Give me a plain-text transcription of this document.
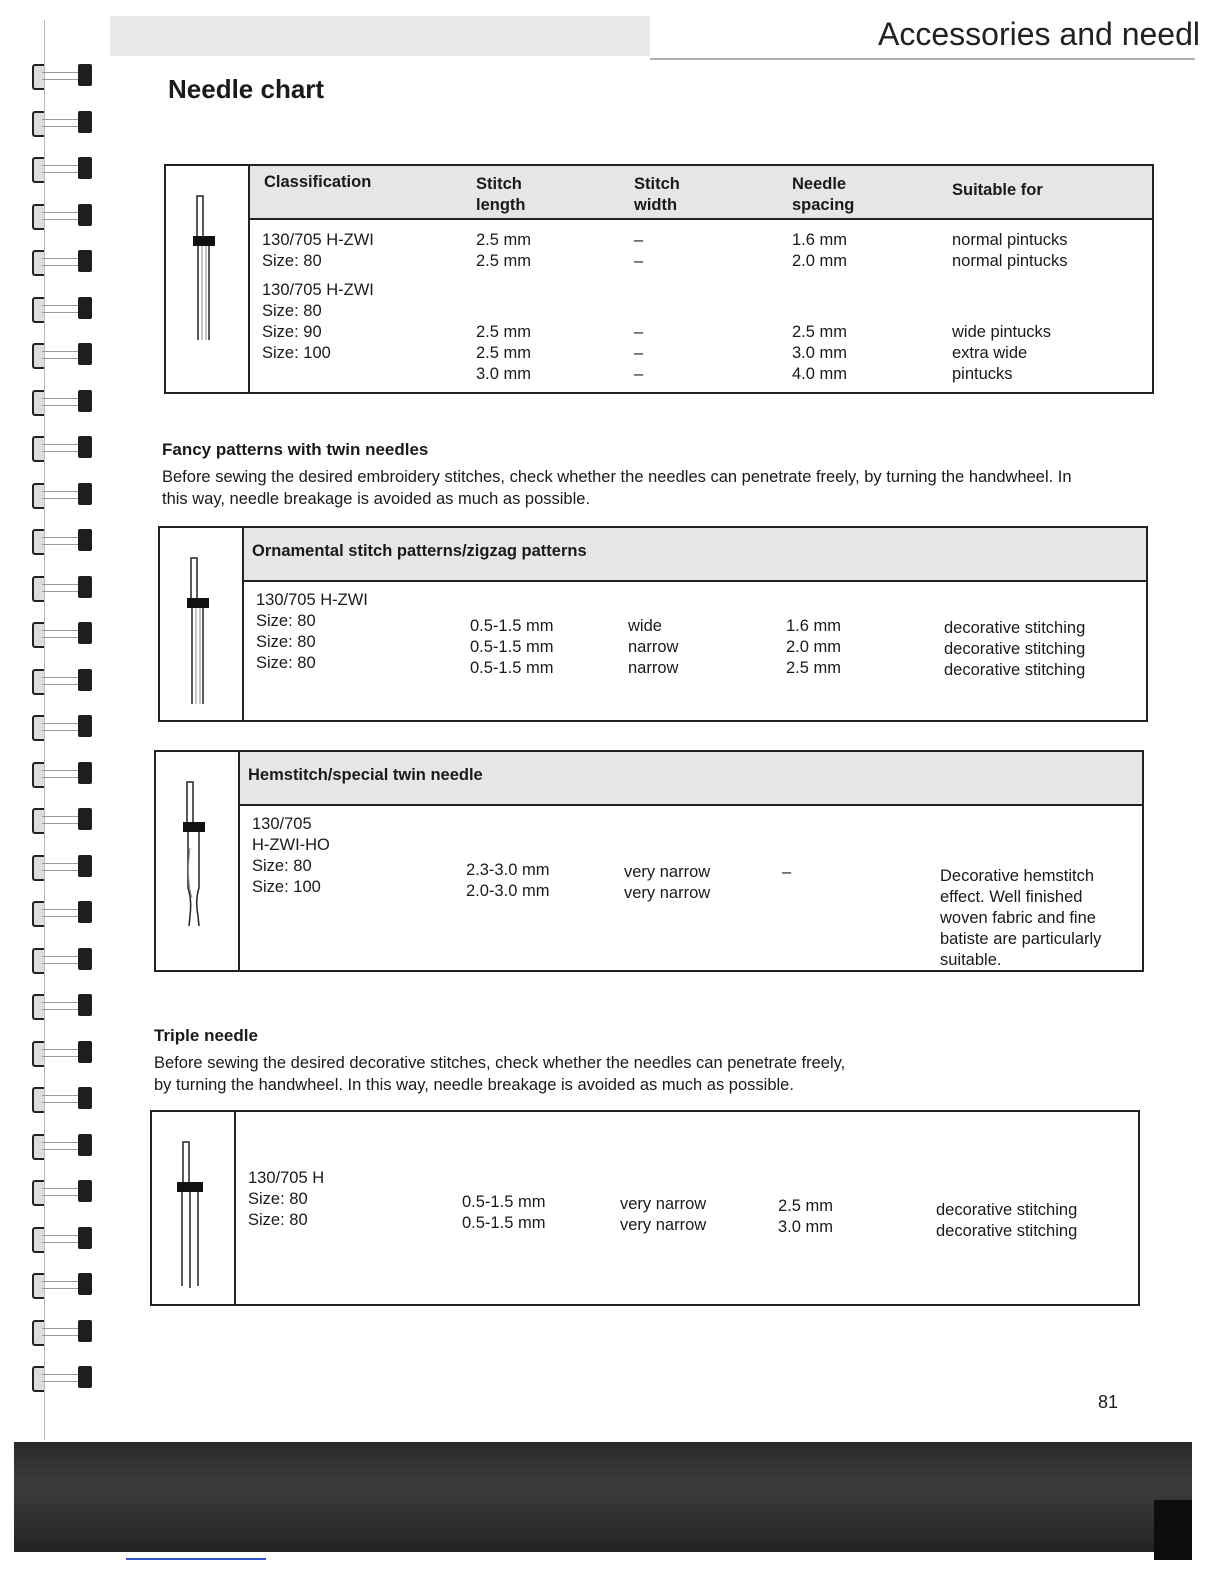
Accessories and needl
Needle chart
Classification	Stitch
length
Stitch
width
Needle
spacing
Suitable for
130/705 H-ZWI
Size: 80
130/705 H-ZWI
Size: 80
Size: 90
Size: 100
2.5 mm
2.5 mm
2.5 mm
2.5 mm
3.0 mm
–
–
–
–
–
1.6 mm
2.0 mm
2.5 mm
3.0 mm
4.0 mm
normal pintucks
normal pintucks
wide pintucks
extra wide
pintucks
Fancy patterns with twin needles
Before sewing the desired embroidery stitches, check whether the needles can penetrate freely, by turning the handwheel. In
this way, needle breakage is avoided as much as possible.
Ornamental stitch patterns/zigzag patterns
130/705 H-ZWI
Size: 80
Size: 80
Size: 80
0.5-1.5 mm
0.5-1.5 mm
0.5-1.5 mm
wide
narrow
narrow
1.6 mm
2.0 mm
2.5 mm
decorative stitching
decorative stitching
decorative stitching
Hemstitch/special twin needle
130/705
H-ZWI-HO
Size: 80
Size: 100
2.3-3.0 mm
2.0-3.0 mm
very narrow
very narrow
–	Decorative hemstitch
effect. Well finished
woven fabric and fine
batiste are particularly
suitable.
Triple needle
Before sewing the desired decorative stitches, check whether the needles can penetrate freely,
by turning the handwheel. In this way, needle breakage is avoided as much as possible.
130/705 H
Size: 80
Size: 80
0.5-1.5 mm
0.5-1.5 mm
very narrow
very narrow
2.5 mm
3.0 mm
decorative stitching
decorative stitching
81
